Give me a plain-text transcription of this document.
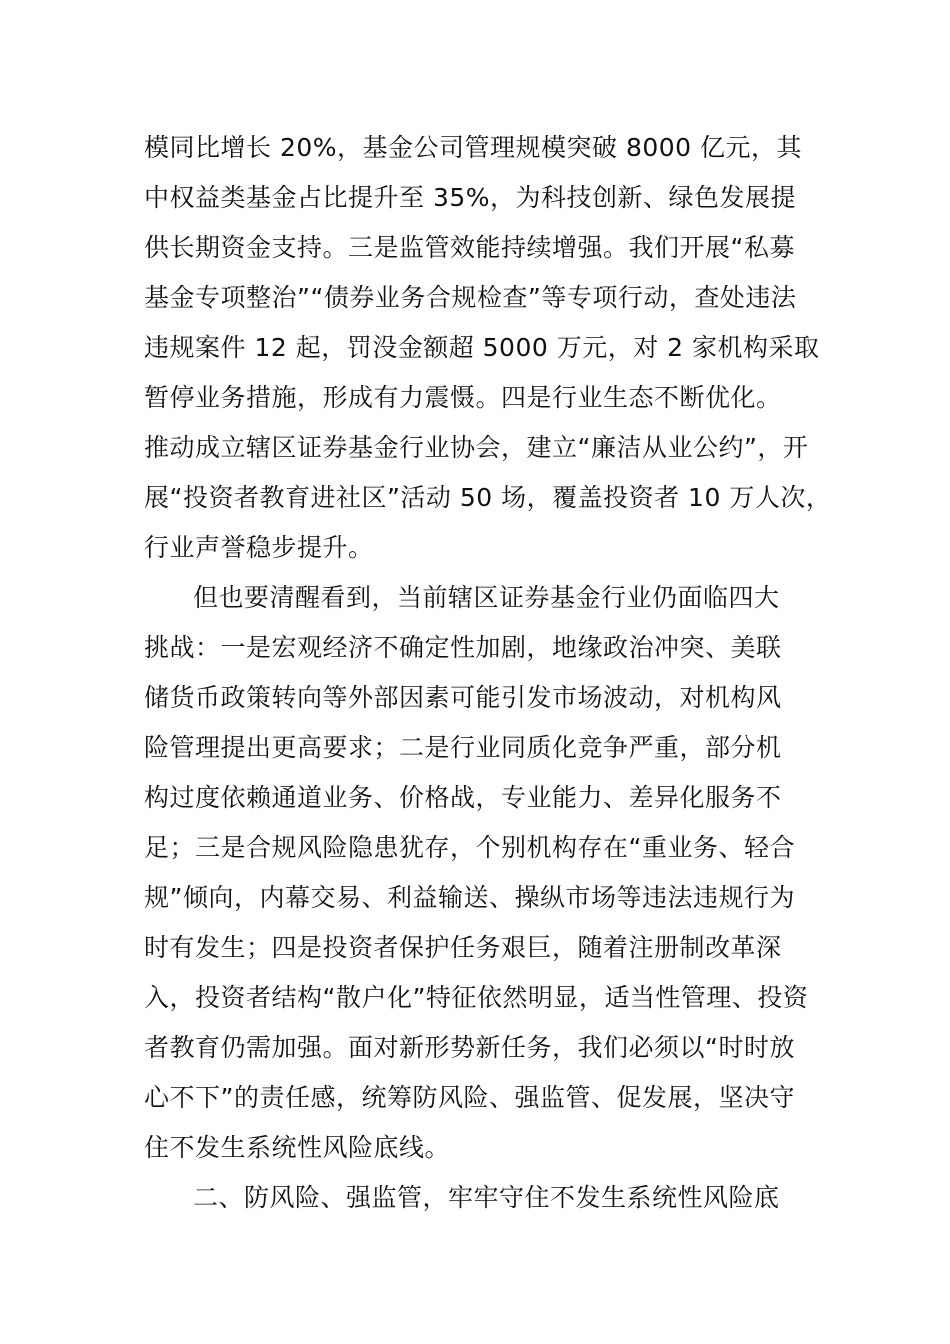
模同比增长 20%，基金公司管理规模突破 8000 亿元，其
中权益类基金占比提升至 35%，为科技创新、绿色发展提
供长期资金支持。三是监管效能持续增强。我们开展“私募
基金专项整治”“债券业务合规检查”等专项行动，查处违法
违规案件 12 起，罚没金额超 5000 万元，对 2 家机构采取
暂停业务措施，形成有力震慑。四是行业生态不断优化。
推动成立辖区证券基金行业协会，建立“廉洁从业公约”，开
展“投资者教育进社区”活动 50 场，覆盖投资者 10 万人次，
行业声誉稳步提升。
但也要清醒看到，当前辖区证券基金行业仍面临四大
挑战：一是宏观经济不确定性加剧，地缘政治冲突、美联
储货币政策转向等外部因素可能引发市场波动，对机构风
险管理提出更高要求；二是行业同质化竞争严重，部分机
构过度依赖通道业务、价格战，专业能力、差异化服务不
足；三是合规风险隐患犹存，个别机构存在“重业务、轻合
规”倾向，内幕交易、利益输送、操纵市场等违法违规行为
时有发生；四是投资者保护任务艰巨，随着注册制改革深
入，投资者结构“散户化”特征依然明显，适当性管理、投资
者教育仍需加强。面对新形势新任务，我们必须以“时时放
心不下”的责任感，统筹防风险、强监管、促发展，坚决守
住不发生系统性风险底线。
二、防风险、强监管，牢牢守住不发生系统性风险底
